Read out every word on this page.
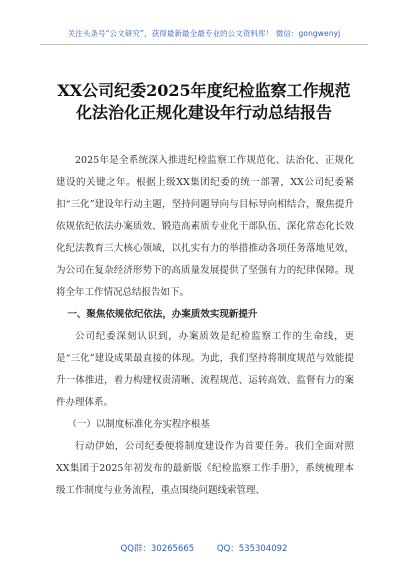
关注头条号“公文研究”，获得最新最全最专业的公文资料库！ 微信：gongwenyj
XX公司纪委2025年度纪检监察工作规范
化法治化正规化建设年行动总结报告

2025年是全系统深入推进纪检监察工作规范化、法治化、正规化建设的关键之年。根据上级XX集团纪委的统一部署，XX公司纪委紧扣“三化”建设年行动主题，坚持问题导向与目标导向相结合，聚焦提升依规依纪依法办案质效、锻造高素质专业化干部队伍、深化常态化长效化纪法教育三大核心领域，以扎实有力的举措推动各项任务落地见效，为公司在复杂经济形势下的高质量发展提供了坚强有力的纪律保障。现将全年工作情况总结报告如下。

一、聚焦依规依纪依法，办案质效实现新提升

公司纪委深刻认识到，办案质效是纪检监察工作的生命线，更是“三化”建设成果最直接的体现。为此，我们坚持将制度规范与效能提升一体推进，着力构建权责清晰、流程规范、运转高效、监督有力的案件办理体系。

（一）以制度标准化夯实程序根基

行动伊始，公司纪委便将制度建设作为首要任务。我们全面对照XX集团于2025年初发布的最新版《纪检监察工作手册》，系统梳理本级工作制度与业务流程，重点围绕问题线索管理、

QQ群：30265665	QQ：535304092
